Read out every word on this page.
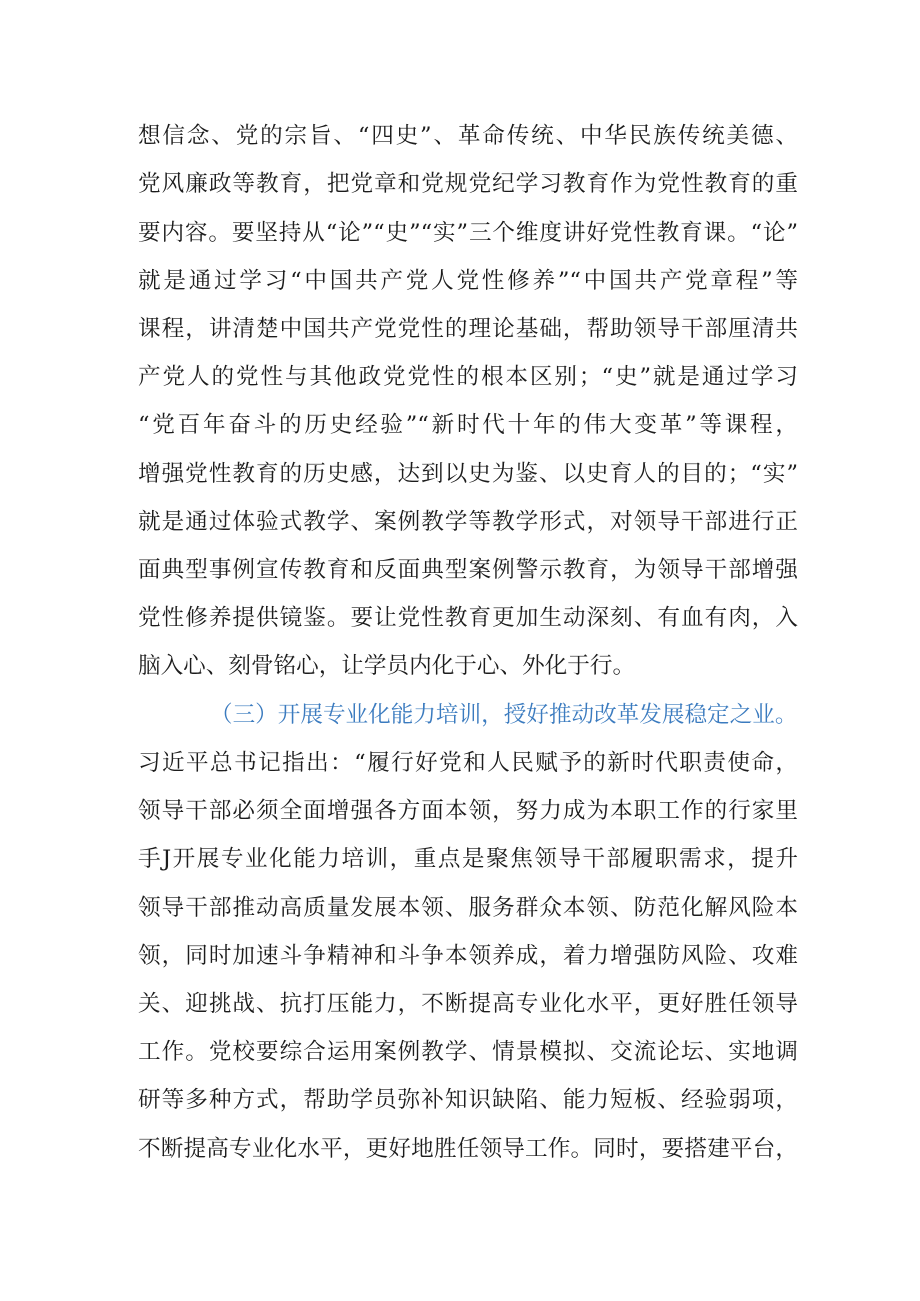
想信念、党的宗旨、“四史”、革命传统、中华民族传统美德、
党风廉政等教育，把党章和党规党纪学习教育作为党性教育的重
要内容。要坚持从“论”“史”“实”三个维度讲好党性教育课。“论”
就是通过学习“中国共产党人党性修养”“中国共产党章程”等
课程，讲清楚中国共产党党性的理论基础，帮助领导干部厘清共
产党人的党性与其他政党党性的根本区别；“史”就是通过学习
“党百年奋斗的历史经验”“新时代十年的伟大变革”等课程，
增强党性教育的历史感，达到以史为鉴、以史育人的目的；“实”
就是通过体验式教学、案例教学等教学形式，对领导干部进行正
面典型事例宣传教育和反面典型案例警示教育，为领导干部增强
党性修养提供镜鉴。要让党性教育更加生动深刻、有血有肉，入
脑入心、刻骨铭心，让学员内化于心、外化于行。
（三）开展专业化能力培训，授好推动改革发展稳定之业。
习近平总书记指出：“履行好党和人民赋予的新时代职责使命，
领导干部必须全面增强各方面本领，努力成为本职工作的行家里
手J开展专业化能力培训，重点是聚焦领导干部履职需求，提升
领导干部推动高质量发展本领、服务群众本领、防范化解风险本
领，同时加速斗争精神和斗争本领养成，着力增强防风险、攻难
关、迎挑战、抗打压能力，不断提高专业化水平，更好胜任领导
工作。党校要综合运用案例教学、情景模拟、交流论坛、实地调
研等多种方式，帮助学员弥补知识缺陷、能力短板、经验弱项，
不断提高专业化水平，更好地胜任领导工作。同时，要搭建平台，
